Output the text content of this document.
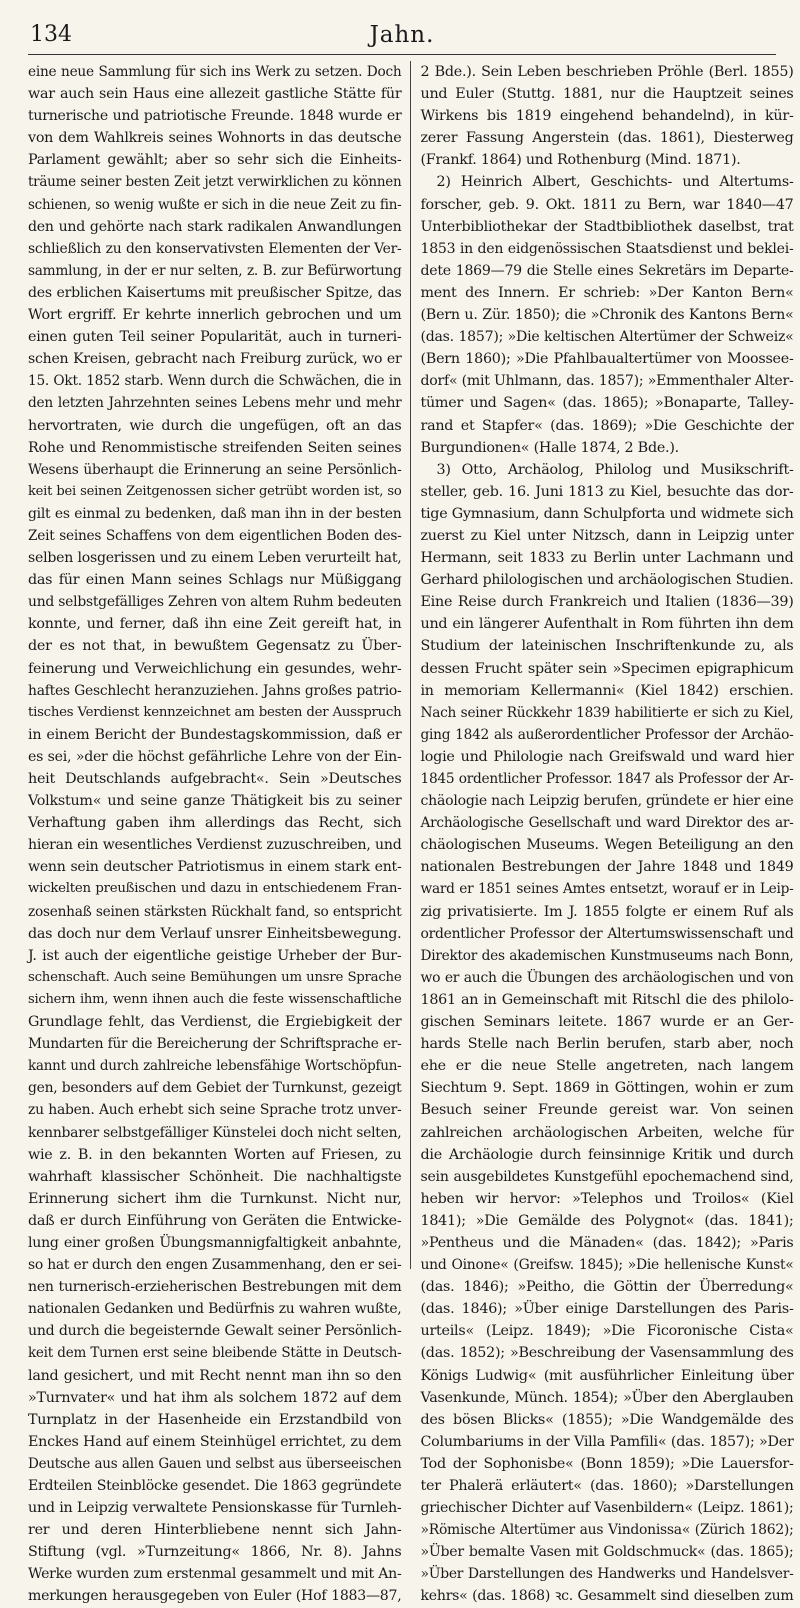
134	Jahn.
eine neue Sammlung für sich ins Werk zu setzen. Doch
war auch sein Haus eine allezeit gastliche Stätte für
turnerische und patriotische Freunde. 1848 wurde er
von dem Wahlkreis seines Wohnorts in das deutsche
Parlament gewählt; aber so sehr sich die Einheits-
träume seiner besten Zeit jetzt verwirklichen zu können
schienen, so wenig wußte er sich in die neue Zeit zu fin-
den und gehörte nach stark radikalen Anwandlungen
schließlich zu den konservativsten Elementen der Ver-
sammlung, in der er nur selten, z. B. zur Befürwortung
des erblichen Kaisertums mit preußischer Spitze, das
Wort ergriff. Er kehrte innerlich gebrochen und um
einen guten Teil seiner Popularität, auch in turneri-
schen Kreisen, gebracht nach Freiburg zurück, wo er
15. Okt. 1852 starb. Wenn durch die Schwächen, die in
den letzten Jahrzehnten seines Lebens mehr und mehr
hervortraten, wie durch die ungefügen, oft an das
Rohe und Renommistische streifenden Seiten seines
Wesens überhaupt die Erinnerung an seine Persönlich-
keit bei seinen Zeitgenossen sicher getrübt worden ist, so
gilt es einmal zu bedenken, daß man ihn in der besten
Zeit seines Schaffens von dem eigentlichen Boden des-
selben losgerissen und zu einem Leben verurteilt hat,
das für einen Mann seines Schlags nur Müßiggang
und selbstgefälliges Zehren von altem Ruhm bedeuten
konnte, und ferner, daß ihn eine Zeit gereift hat, in
der es not that, in bewußtem Gegensatz zu Über-
feinerung und Verweichlichung ein gesundes, wehr-
haftes Geschlecht heranzuziehen. Jahns großes patrio-
tisches Verdienst kennzeichnet am besten der Ausspruch
in einem Bericht der Bundestagskommission, daß er
es sei, »der die höchst gefährliche Lehre von der Ein-
heit Deutschlands aufgebracht«. Sein »Deutsches
Volkstum« und seine ganze Thätigkeit bis zu seiner
Verhaftung gaben ihm allerdings das Recht, sich
hieran ein wesentliches Verdienst zuzuschreiben, und
wenn sein deutscher Patriotismus in einem stark ent-
wickelten preußischen und dazu in entschiedenem Fran-
zosenhaß seinen stärksten Rückhalt fand, so entspricht
das doch nur dem Verlauf unsrer Einheitsbewegung.
J. ist auch der eigentliche geistige Urheber der Bur-
schenschaft. Auch seine Bemühungen um unsre Sprache
sichern ihm, wenn ihnen auch die feste wissenschaftliche
Grundlage fehlt, das Verdienst, die Ergiebigkeit der
Mundarten für die Bereicherung der Schriftsprache er-
kannt und durch zahlreiche lebensfähige Wortschöpfun-
gen, besonders auf dem Gebiet der Turnkunst, gezeigt
zu haben. Auch erhebt sich seine Sprache trotz unver-
kennbarer selbstgefälliger Künstelei doch nicht selten,
wie z. B. in den bekannten Worten auf Friesen, zu
wahrhaft klassischer Schönheit. Die nachhaltigste
Erinnerung sichert ihm die Turnkunst. Nicht nur,
daß er durch Einführung von Geräten die Entwicke-
lung einer großen Übungsmannigfaltigkeit anbahnte,
so hat er durch den engen Zusammenhang, den er sei-
nen turnerisch-erzieherischen Bestrebungen mit dem
nationalen Gedanken und Bedürfnis zu wahren wußte,
und durch die begeisternde Gewalt seiner Persönlich-
keit dem Turnen erst seine bleibende Stätte in Deutsch-
land gesichert, und mit Recht nennt man ihn so den
»Turnvater« und hat ihm als solchem 1872 auf dem
Turnplatz in der Hasenheide ein Erzstandbild von
Enckes Hand auf einem Steinhügel errichtet, zu dem
Deutsche aus allen Gauen und selbst aus überseeischen
Erdteilen Steinblöcke gesendet. Die 1863 gegründete
und in Leipzig verwaltete Pensionskasse für Turnleh-
rer und deren Hinterbliebene nennt sich Jahn-
Stiftung (vgl. »Turnzeitung« 1866, Nr. 8). Jahns
Werke wurden zum erstenmal gesammelt und mit An-
merkungen herausgegeben von Euler (Hof 1883—87,
2 Bde.). Sein Leben beschrieben Pröhle (Berl. 1855)
und Euler (Stuttg. 1881, nur die Hauptzeit seines
Wirkens bis 1819 eingehend behandelnd), in kür-
zerer Fassung Angerstein (das. 1861), Diesterweg
(Frankf. 1864) und Rothenburg (Mind. 1871).
2) Heinrich Albert, Geschichts- und Altertums-
forscher, geb. 9. Okt. 1811 zu Bern, war 1840—47
Unterbibliothekar der Stadtbibliothek daselbst, trat
1853 in den eidgenössischen Staatsdienst und beklei-
dete 1869—79 die Stelle eines Sekretärs im Departe-
ment des Innern. Er schrieb: »Der Kanton Bern«
(Bern u. Zür. 1850); die »Chronik des Kantons Bern«
(das. 1857); »Die keltischen Altertümer der Schweiz«
(Bern 1860); »Die Pfahlbaualtertümer von Moossee-
dorf« (mit Uhlmann, das. 1857); »Emmenthaler Alter-
tümer und Sagen« (das. 1865); »Bonaparte, Talley-
rand et Stapfer« (das. 1869); »Die Geschichte der
Burgundionen« (Halle 1874, 2 Bde.).
3) Otto, Archäolog, Philolog und Musikschrift-
steller, geb. 16. Juni 1813 zu Kiel, besuchte das dor-
tige Gymnasium, dann Schulpforta und widmete sich
zuerst zu Kiel unter Nitzsch, dann in Leipzig unter
Hermann, seit 1833 zu Berlin unter Lachmann und
Gerhard philologischen und archäologischen Studien.
Eine Reise durch Frankreich und Italien (1836—39)
und ein längerer Aufenthalt in Rom führten ihn dem
Studium der lateinischen Inschriftenkunde zu, als
dessen Frucht später sein »Specimen epigraphicum
in memoriam Kellermanni« (Kiel 1842) erschien.
Nach seiner Rückkehr 1839 habilitierte er sich zu Kiel,
ging 1842 als außerordentlicher Professor der Archäo-
logie und Philologie nach Greifswald und ward hier
1845 ordentlicher Professor. 1847 als Professor der Ar-
chäologie nach Leipzig berufen, gründete er hier eine
Archäologische Gesellschaft und ward Direktor des ar-
chäologischen Museums. Wegen Beteiligung an den
nationalen Bestrebungen der Jahre 1848 und 1849
ward er 1851 seines Amtes entsetzt, worauf er in Leip-
zig privatisierte. Im J. 1855 folgte er einem Ruf als
ordentlicher Professor der Altertumswissenschaft und
Direktor des akademischen Kunstmuseums nach Bonn,
wo er auch die Übungen des archäologischen und von
1861 an in Gemeinschaft mit Ritschl die des philolo-
gischen Seminars leitete. 1867 wurde er an Ger-
hards Stelle nach Berlin berufen, starb aber, noch
ehe er die neue Stelle angetreten, nach langem
Siechtum 9. Sept. 1869 in Göttingen, wohin er zum
Besuch seiner Freunde gereist war. Von seinen
zahlreichen archäologischen Arbeiten, welche für
die Archäologie durch feinsinnige Kritik und durch
sein ausgebildetes Kunstgefühl epochemachend sind,
heben wir hervor: »Telephos und Troilos« (Kiel
1841); »Die Gemälde des Polygnot« (das. 1841);
»Pentheus und die Mänaden« (das. 1842); »Paris
und Oinone« (Greifsw. 1845); »Die hellenische Kunst«
(das. 1846); »Peitho, die Göttin der Überredung«
(das. 1846); »Über einige Darstellungen des Paris-
urteils« (Leipz. 1849); »Die Ficoronische Cista«
(das. 1852); »Beschreibung der Vasensammlung des
Königs Ludwig« (mit ausführlicher Einleitung über
Vasenkunde, Münch. 1854); »Über den Aberglauben
des bösen Blicks« (1855); »Die Wandgemälde des
Columbariums in der Villa Pamfili« (das. 1857); »Der
Tod der Sophonisbe« (Bonn 1859); »Die Lauersfor-
ter Phalerä erläutert« (das. 1860); »Darstellungen
griechischer Dichter auf Vasenbildern« (Leipz. 1861);
»Römische Altertümer aus Vindonissa« (Zürich 1862);
»Über bemalte Vasen mit Goldschmuck« (das. 1865);
»Über Darstellungen des Handwerks und Handelsver-
kehrs« (das. 1868) ꝛc. Gesammelt sind dieselben zum
